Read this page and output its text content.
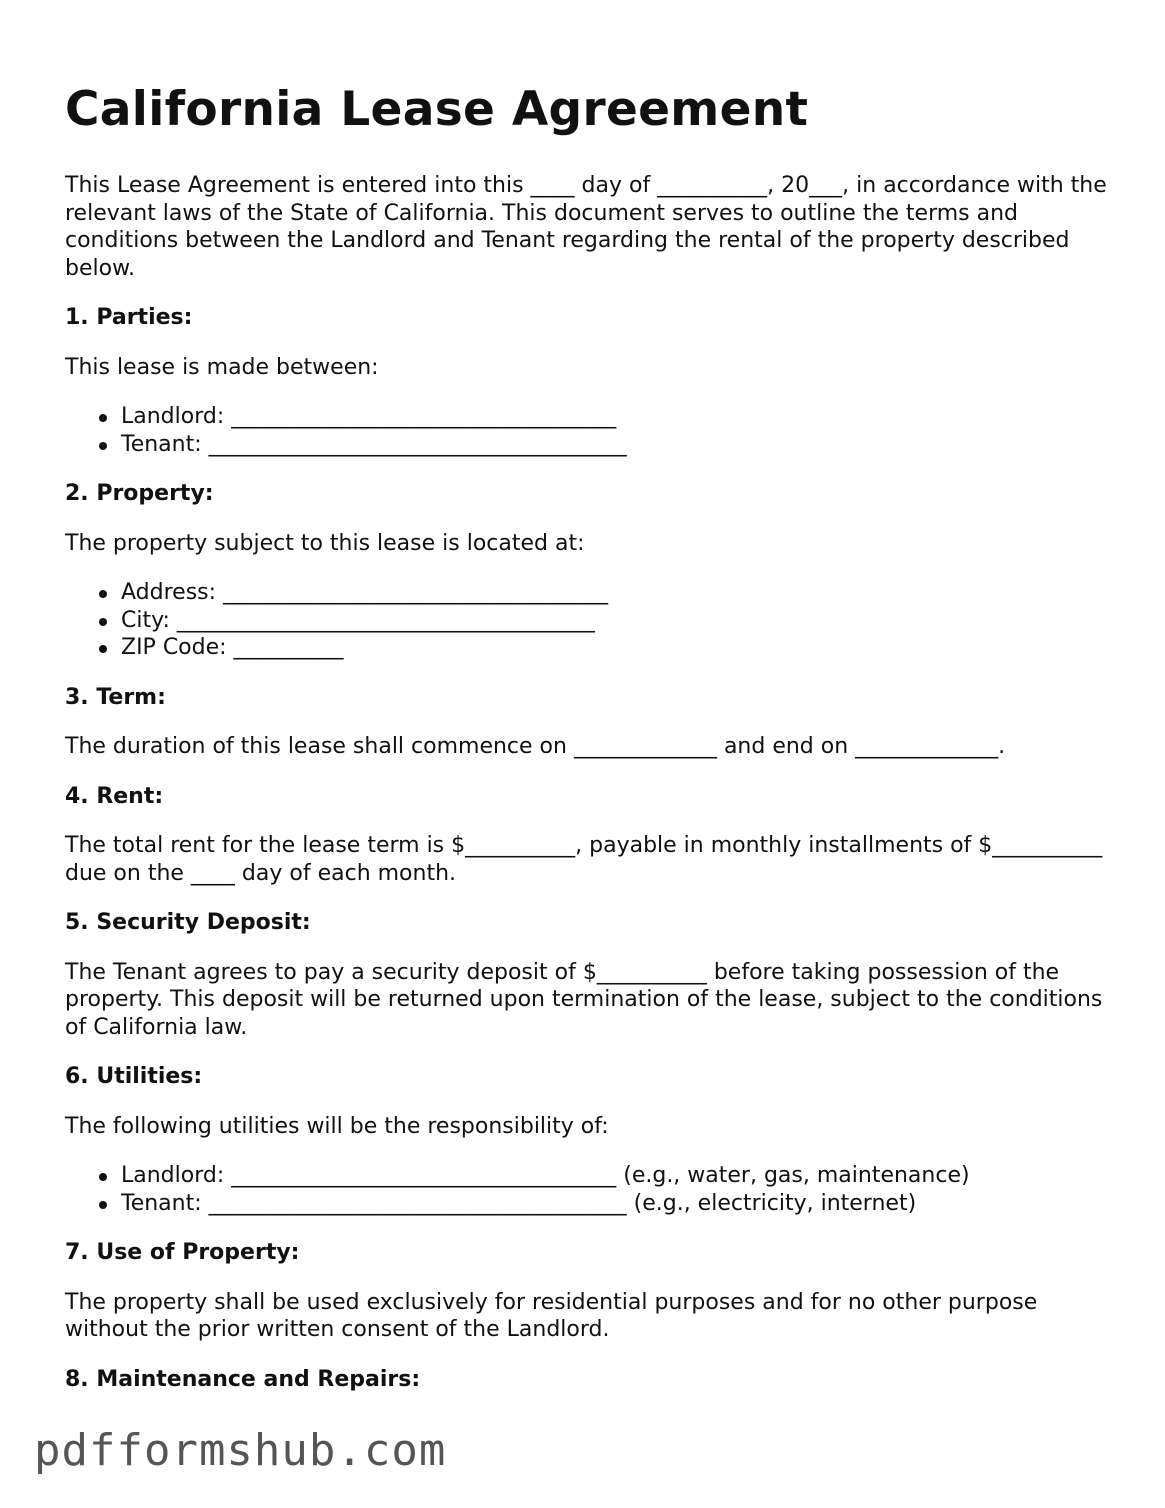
California Lease Agreement

This Lease Agreement is entered into this ____ day of __________, 20___, in accordance with the relevant laws of the State of California. This document serves to outline the terms and conditions between the Landlord and Tenant regarding the rental of the property described below.

1. Parties:

This lease is made between:

Landlord: ___________________________________
Tenant: ______________________________________
2. Property:

The property subject to this lease is located at:

Address: ___________________________________
City: ______________________________________
ZIP Code: __________
3. Term:

The duration of this lease shall commence on _____________ and end on _____________.

4. Rent:

The total rent for the lease term is $__________, payable in monthly installments of $__________ due on the ____ day of each month.

5. Security Deposit:

The Tenant agrees to pay a security deposit of $__________ before taking possession of the property. This deposit will be returned upon termination of the lease, subject to the conditions of California law.

6. Utilities:

The following utilities will be the responsibility of:

Landlord: ___________________________________ (e.g., water, gas, maintenance)
Tenant: ______________________________________ (e.g., electricity, internet)
7. Use of Property:

The property shall be used exclusively for residential purposes and for no other purpose without the prior written consent of the Landlord.

8. Maintenance and Repairs:
pdfformshub.com
